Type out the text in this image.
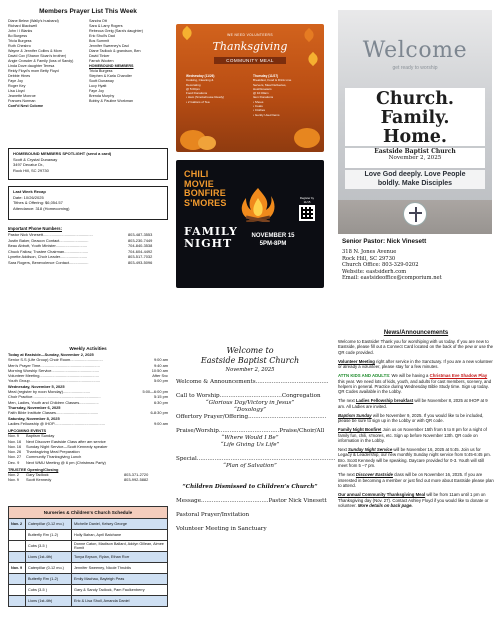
Members Prayer List This Week
Diane Belew (Wally's husband)
Richard Blackwell
John / I Blanks
Bo Burgess
Tricia Burgess
Ruth Chesbro
Wayne & Jennifer Collins & Mom
David Cox (Sharon Sloan's brother)
Angie Crowder & Family (loss of Sandy)
Linda Dove daughter Teresa
Reidy Floyd's mom Betty Floyd
Debbie Hines
Faye Joy
Roger Key
Lisa Lloyd
Jeanette Monroe
Frances Norman
Conf'd Nest Colome
Sandra Ott
Sara & Larry Rogers
Rebecca Greig (Sara's daughter)
Eric Shull's Dad
Bos Summit
Jennifer Sweeney's Dad
Diane Tadlock & grandson, Ben
David Tinker
Farrah Wooten
HOMEBOUND MEMBERS
Tricia Burgess
Stephen & Karla Chandler
Scott Dunaway
Lucy Hyatt
Faye Joy
Brenda Murphy
Bobby & Pauline Workman
HOMEBOUND MEMBERS SPOTLIGHT (send a card)
Scott & Crystal Dunaway
3497 Decatur Dr.,
Rock Hill, SC 29730
Last Week Recap
Date: 10/26/2025
Tithes & Offering: $6,054.57
Attendance: 318 (Homecoming)
Important Phone Numbers:
Pastor Nick Vinesett..............................................	803-487-3553
Justin Baker, Deacon Contact...........................	803-230-7449
Beau Abbott, Youth Minister.............................	704-840-3538
Chuck Fallow, Trustee Chairman......................	704-604-4492
Lynette Addison, Choir Leader.........................	803-517-7032
Sara Rogers, Benevolence Contact..................	803-493-5096
WE NEED VOLUNTEERS
Thanksgiving
COMMUNITY MEAL
Wednesday (11/26)
Cooking, Cleaning &
Decorating
@ 5:00pm
Food Donations
• Ham (Smokehouse Ready)
• 2 Gallons of Tea
Thursday (11/27)
Breakfast, Food & Drink Line
Servers, Meal Deliveries,
Host/Greeters
@ 10:00am
Item Donations
• Shoes
• Coats
• Clothes
• Gently Used Items
CHILI
MOVIE
BONFIRE
S'MORES	Register by 11/15
FAMILY
NIGHT
NOVEMBER 15
5PM-8PM
Welcome
get ready to worship
Church.
Family.
Home.
Eastside Baptist Church
November 2, 2025
Love God deeply. Love People
boldly. Make Disciples
Senior Pastor: Nick Vinesett
318 N. Jones Avenue
Rock Hill, SC 29730
Church Office: 803-329-0202
Website: eastsiderh.com
Email: eastsideoffice@comporium.net
Weekly Activities
Today at Eastside—Sunday, November 2, 2025
Senior S.S (Life Group) Choir Room..............................	9:00 am
Men's Prayer Time.......................................................	9:40 am
Morning Worship Service............................................	10:50 am
Volunteer Meeting.......................................................	After Svc
Youth Group.................................................................	5:00 pm
Wednesday, November 5, 2025
Meal (register by noon Monday).........................	5:00—6:00 pm
Choir Practice...............................................................	5:15 pm
Men, Ladies, Youth and Children Classes..................	6:30 pm
Thursday, November 6, 2025
Faith Bible Institute Classes.......................................	6-8:30 pm
Saturday, November 8, 2025
Ladies Fellowship @ IHOP...............................................	9:00 am
UPCOMING EVENTS
Nov. 9	Baptism Sunday
Nov. 16	Next Discover Eastside Class after am service
Nov. 16	Sunday Night Service—Scott Kennedy speaker
Nov. 26	Thanksgiving Meal Preparation
Nov. 27	Community Thanksgiving Lunch
Dec. 9	Next WMU Meeting @ 6 pm (Christmas Party)
TRUSTEE Opening/Closing
Nov. 2	Gary Tadlock	803-371-2720
Nov. 9	Scott Kennedy	803-992-5882
Nurseries & Children's Church Schedule		
Nov. 2	Caterpillar (0-12 mo.)	Michelle Daniel, Kelsey George
	Butterfly Rm (1-2)	Holly Bahan, April Batchane
	Cubs (3-5 )	Donne Caton, Madison Ballard, Addyn Gillean, Aimee Romit
	Lions (1st-4th)	Tonya Bryson, Rylan, Ethan Rorr
Nov. 9	Caterpillar (0-12 mo.)	Jennifer Sweeney, Nicole Thrublis
	Butterfly Rm (1-2)	Emily Machau, Bayleigh Peas
	Cubs (3-5 )	Gary & Sandy Tadlock, Pam Faulkenberry
	Lions (1st-4th)	Eric & Lisa Sholl, Amanda Daniel
Welcome to
Eastside Baptist Church
November 2, 2025
Welcome & Announcements.........................................

Call to Worship...................................Congregation
“Glorious Day/Victory in Jesus”
“Doxology”
Offertory Prayer/Offering............................................

Praise/Worship..................................Praise/Choir/All
“Where Would I Be”
“Life Giving Us Life”

Special..............................................................................
“Plan of Salvation”

“Children Dismissed to Children’s Church”

Message......................................Pastor Nick Vinesett

Pastoral Prayer/Invitation

Volunteer Meeting in Sanctuary
News/Announcements
Welcome to Eastside! Thank you for worshiping with us today. If you are new to Eastside, please fill out a Connect Card located on the back of the pew or use the QR code provided.
Volunteer Meeting right after service in the Sanctuary. If you are a new volunteer or already a volunteer, please stay for a few minutes.
ATTN KIDS AND ADULTS: We will be having a Christmas Eve Shadow Play this year. We need lots of kids, youth, and adults for cast members, scenery, and helpers in general. Practice during Wednesday Bible Study time. Sign up today. QR Codes available in the Lobby.
The next Ladies Fellowship breakfast will be November 8, 2025 at IHOP at 9 am. All Ladies are invited.
Baptism Sunday will be November 9, 2025. If you would like to be included, please be sure to sign up in the Lobby or with QR code.
Family Night Bonfire! Join us on November 15th from 5 to 8 pm for a night of family fun, chili, s'mores, etc. Sign up before November 13th. QR code on information in the Lobby.
Next Sunday Night Service will be November 16, 2025 at 5:45. Join us for Legacy & Leadership, our new monthly Sunday night service from 5:45-6:45 pm. Bro. Scott Kennedy will be speaking. Daycare provided for 0-3. Youth will still meet from 5 –7 pm.
The next Discover Eastside class will be on November 16, 2025. If you are interested in becoming a member or just find out more about Eastside please plan to attend.
Our annual Community Thanksgiving Meal will be from 11am until 1 pm on Thanksgiving day (Nov. 27). Contact Ashley Floyd if you would like to donate or volunteer. More details on back page.
